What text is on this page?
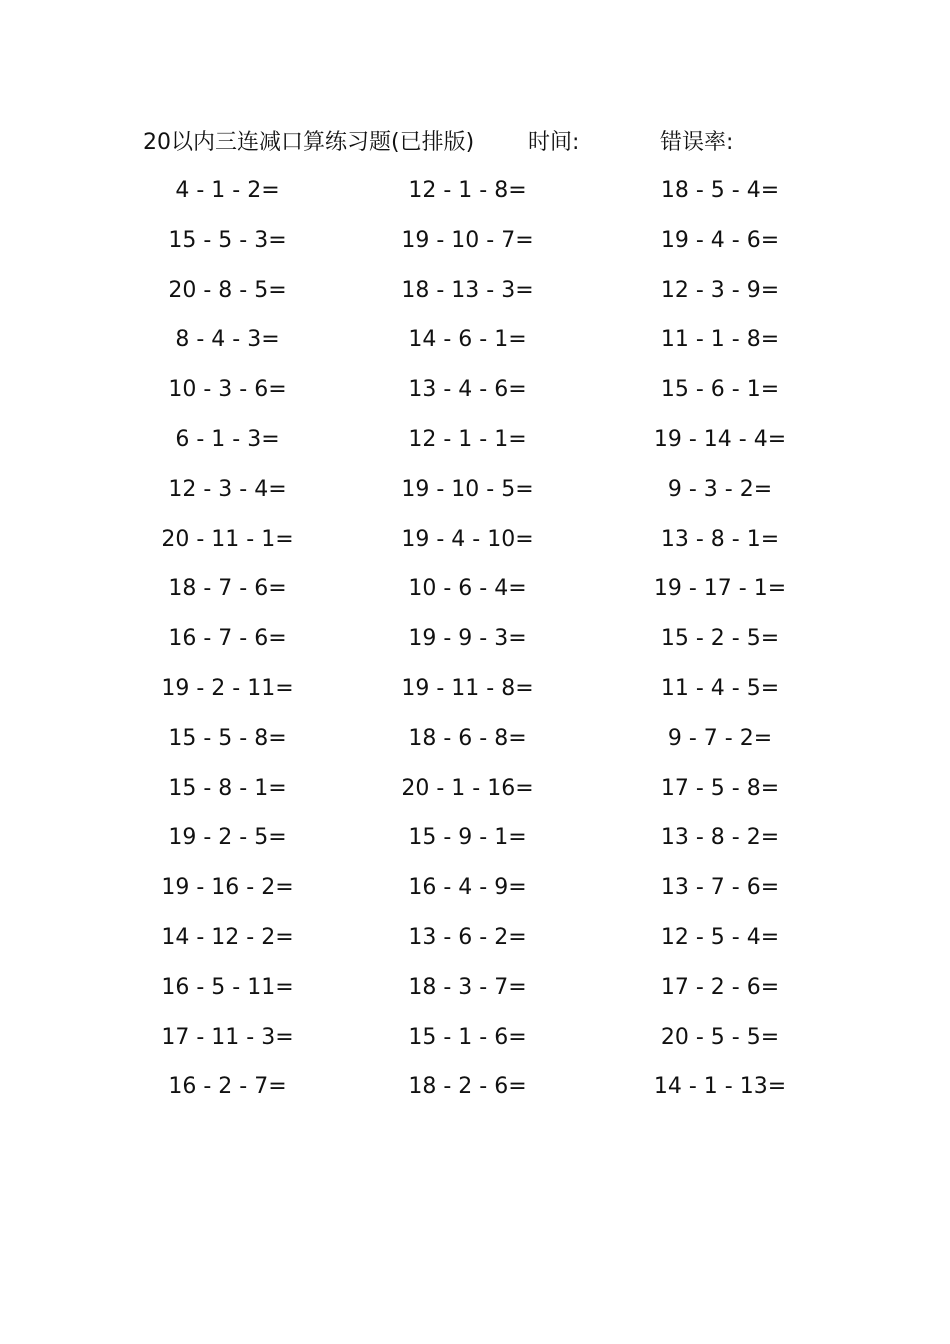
20以内三连减口算练习题(已排版) 时间:	错误率:
4 - 1 - 2=	12 - 1 - 8=	18 - 5 - 4=
15 - 5 - 3=	19 - 10 - 7=	19 - 4 - 6=
20 - 8 - 5=	18 - 13 - 3=	12 - 3 - 9=
8 - 4 - 3=	14 - 6 - 1=	11 - 1 - 8=
10 - 3 - 6=	13 - 4 - 6=	15 - 6 - 1=
6 - 1 - 3=	12 - 1 - 1=	19 - 14 - 4=
12 - 3 - 4=	19 - 10 - 5=	9 - 3 - 2=
20 - 11 - 1=	19 - 4 - 10=	13 - 8 - 1=
18 - 7 - 6=	10 - 6 - 4=	19 - 17 - 1=
16 - 7 - 6=	19 - 9 - 3=	15 - 2 - 5=
19 - 2 - 11=	19 - 11 - 8=	11 - 4 - 5=
15 - 5 - 8=	18 - 6 - 8=	9 - 7 - 2=
15 - 8 - 1=	20 - 1 - 16=	17 - 5 - 8=
19 - 2 - 5=	15 - 9 - 1=	13 - 8 - 2=
19 - 16 - 2=	16 - 4 - 9=	13 - 7 - 6=
14 - 12 - 2=	13 - 6 - 2=	12 - 5 - 4=
16 - 5 - 11=	18 - 3 - 7=	17 - 2 - 6=
17 - 11 - 3=	15 - 1 - 6=	20 - 5 - 5=
16 - 2 - 7=	18 - 2 - 6=	14 - 1 - 13=
